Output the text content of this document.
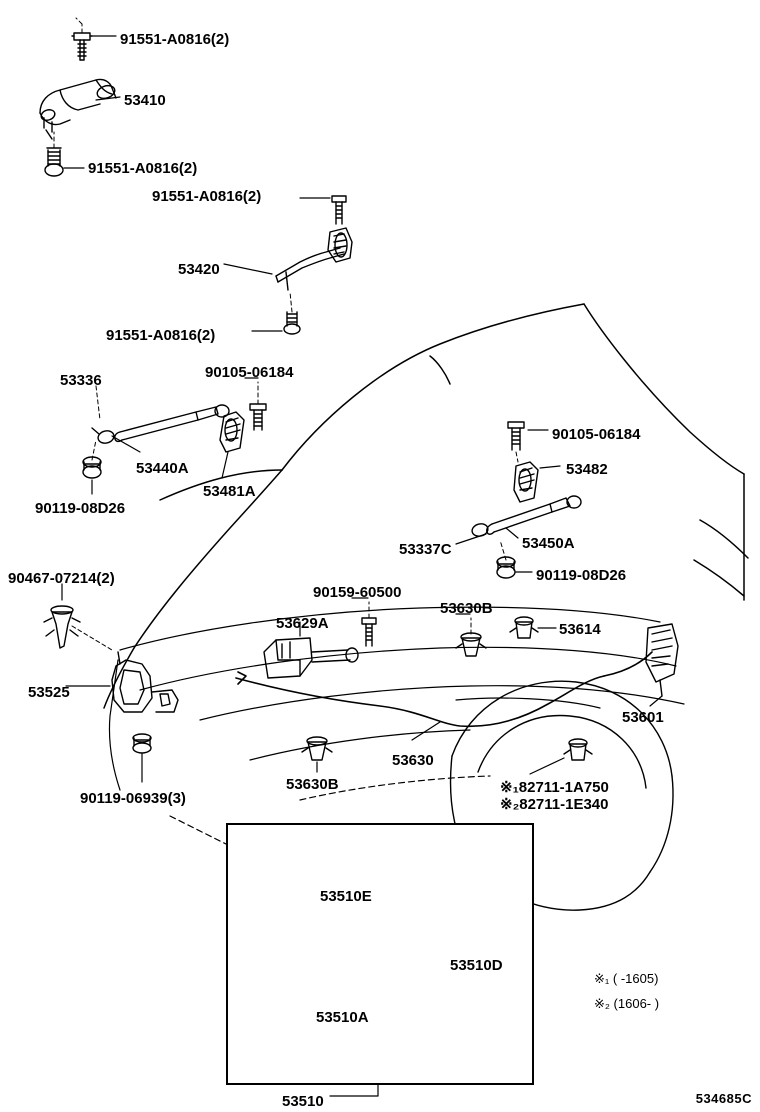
91551-A0816(2)
53410
91551-A0816(2)
91551-A0816(2)
53420
91551-A0816(2)
53336	90105-06184
53440A
53481A
90119-08D26
90105-06184
53482
53337C	53450A
90119-08D26
90467-07214(2)
90159-60500
53629A
53630B
53614
53525
53601
53630
53630B
90119-06939(3)
※₁82711-1A750
※₂82711-1E340
53510E
53510D
53510A
53510
※₁ ( -1605)
※₂ (1606- )
534685C
